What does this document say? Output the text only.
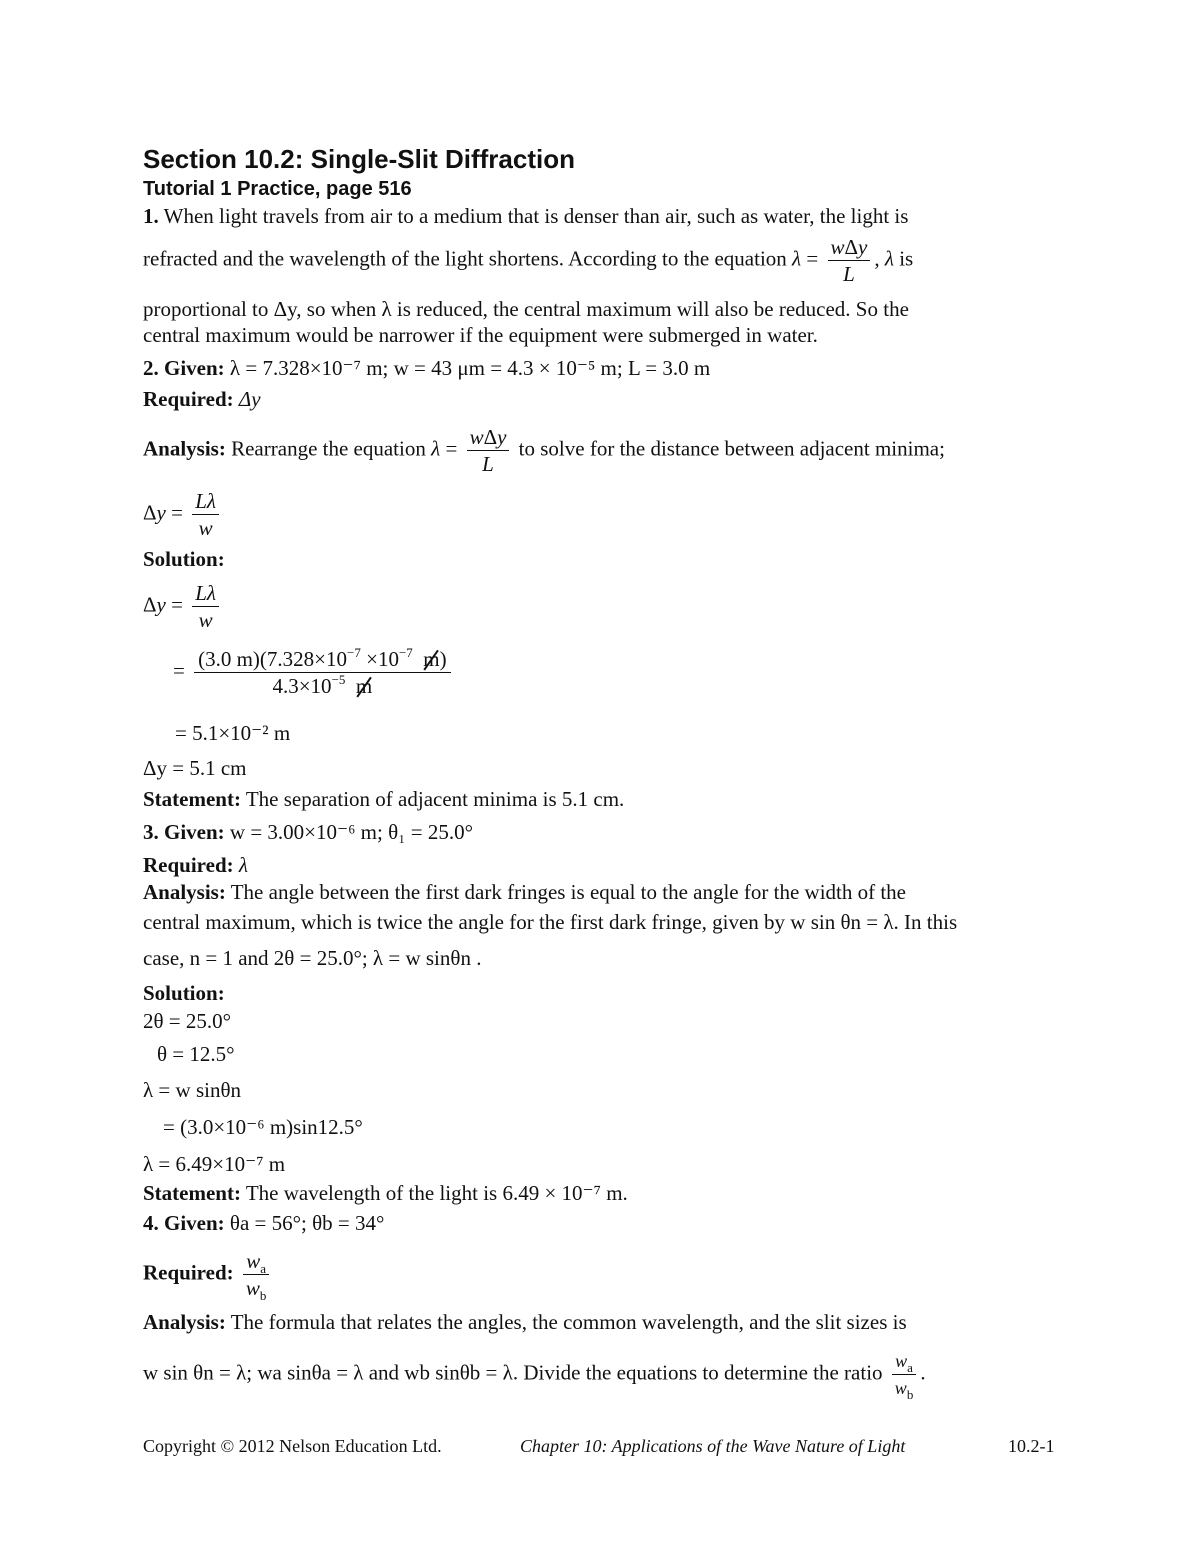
Section 10.2: Single-Slit Diffraction
Tutorial 1 Practice, page 516
1. When light travels from air to a medium that is denser than air, such as water, the light is
refracted and the wavelength of the light shortens. According to the equation $\lambda = \frac{\text{wΔy}}{L}$ , λ is
proportional to Δy, so when λ is reduced, the central maximum will also be reduced. So the
central maximum would be narrower if the equipment were submerged in water.
2. Given: λ = 7.328×10⁻⁷ m; w = 43 μm = 4.3 × 10⁻⁵ m; L = 3.0 m
Required: Δy
Analysis: Rearrange the equation $\lambda = \frac{\text{wΔy}}{L}$ to solve for the distance between adjacent minima;
$\Delta y = \frac{L\lambda}{w}$
Solution:
$\Delta y = \frac{L\lambda}{w}$
= $\frac{(3.0 m)(7.328\times 10^{-7} \times 10^{-7} m)}{4.3\times 10^{-5} m}$
= 5.1×10⁻² m
Δy = 5.1 cm
Statement: The separation of adjacent minima is 5.1 cm.
3. Given: w = 3.00×10⁻⁶ m; θ₁ = 25.0°
Required: λ
Analysis: The angle between the first dark fringes is equal to the angle for the width of the
central maximum, which is twice the angle for the first dark fringe, given by w sin θn = λ. In this
case, n = 1 and 2θ = 25.0°; λ = w sinθn .
Solution:
2θ = 25.0°
θ = 12.5°
λ = w sinθn
= (3.0×10⁻⁶ m)sin12.5°
λ = 6.49×10⁻⁷ m
Statement: The wavelength of the light is 6.49 × 10⁻⁷ m.
4. Given: θa = 56°; θb = 34°
Required: $\frac{w_a}{w_b}$
Analysis: The formula that relates the angles, the common wavelength, and the slit sizes is
w sin θn = λ; wa sinθa = λ and wb sinθb = λ. Divide the equations to determine the ratio $\frac{w_a}{w_b}$ .
Copyright © 2012 Nelson Education Ltd.	Chapter 10: Applications of the Wave Nature of Light	10.2-1
